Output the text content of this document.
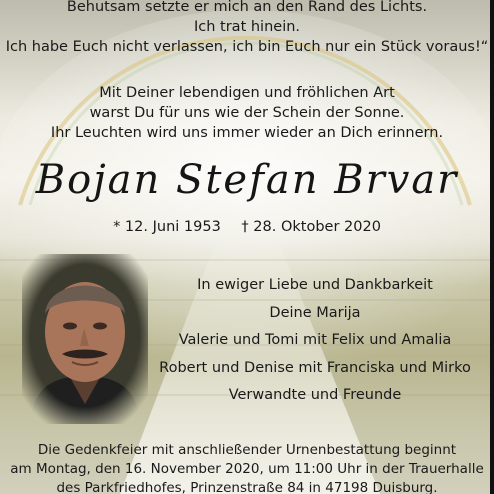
Behutsam setzte er mich an den Rand des Lichts.

Ich trat hinein.

Ich habe Euch nicht verlassen, ich bin Euch nur ein Stück voraus!“

Mit Deiner lebendigen und fröhlichen Art

warst Du für uns wie der Schein der Sonne.

Ihr Leuchten wird uns immer wieder an Dich erinnern.

Bojan Stefan Brvar
* 12. Juni 1953 † 28. Oktober 2020

In ewiger Liebe und Dankbarkeit

Deine Marija

Valerie und Tomi mit Felix und Amalia

Robert und Denise mit Franciska und Mirko

Verwandte und Freunde

Die Gedenkfeier mit anschließender Urnenbestattung beginnt

am Montag, den 16. November 2020, um 11:00 Uhr in der Trauerhalle

des Parkfriedhofes, Prinzenstraße 84 in 47198 Duisburg.
